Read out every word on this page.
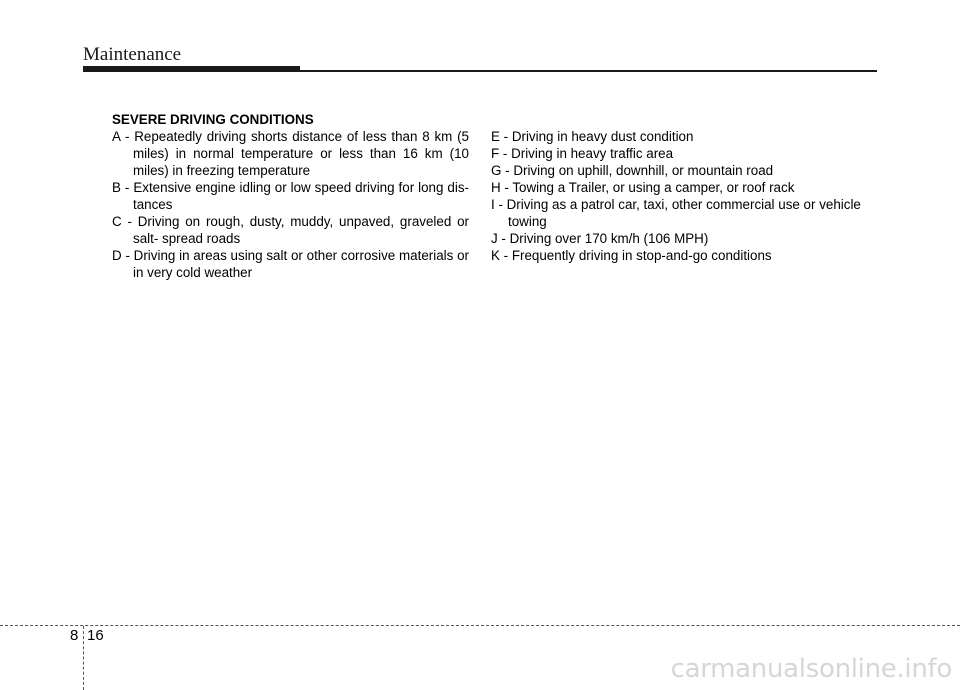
Maintenance
SEVERE DRIVING CONDITIONS
A - Repeatedly driving shorts distance of less than 8 km (5 miles) in normal temperature or less than 16 km (10 miles) in freezing temperature
B - Extensive engine idling or low speed driving for long dis- tances
C - Driving on rough, dusty, muddy, unpaved, graveled or salt- spread roads
D - Driving in areas using salt or other corrosive materials or in very cold weather
E - Driving in heavy dust condition
F - Driving in heavy traffic area
G - Driving on uphill, downhill, or mountain road
H - Towing a Trailer, or using a camper, or roof rack
I - Driving as a patrol car, taxi, other commercial use or vehicle towing
J - Driving over 170 km/h (106 MPH)
K - Frequently driving in stop-and-go conditions
8 16
carmanualsonline.info
